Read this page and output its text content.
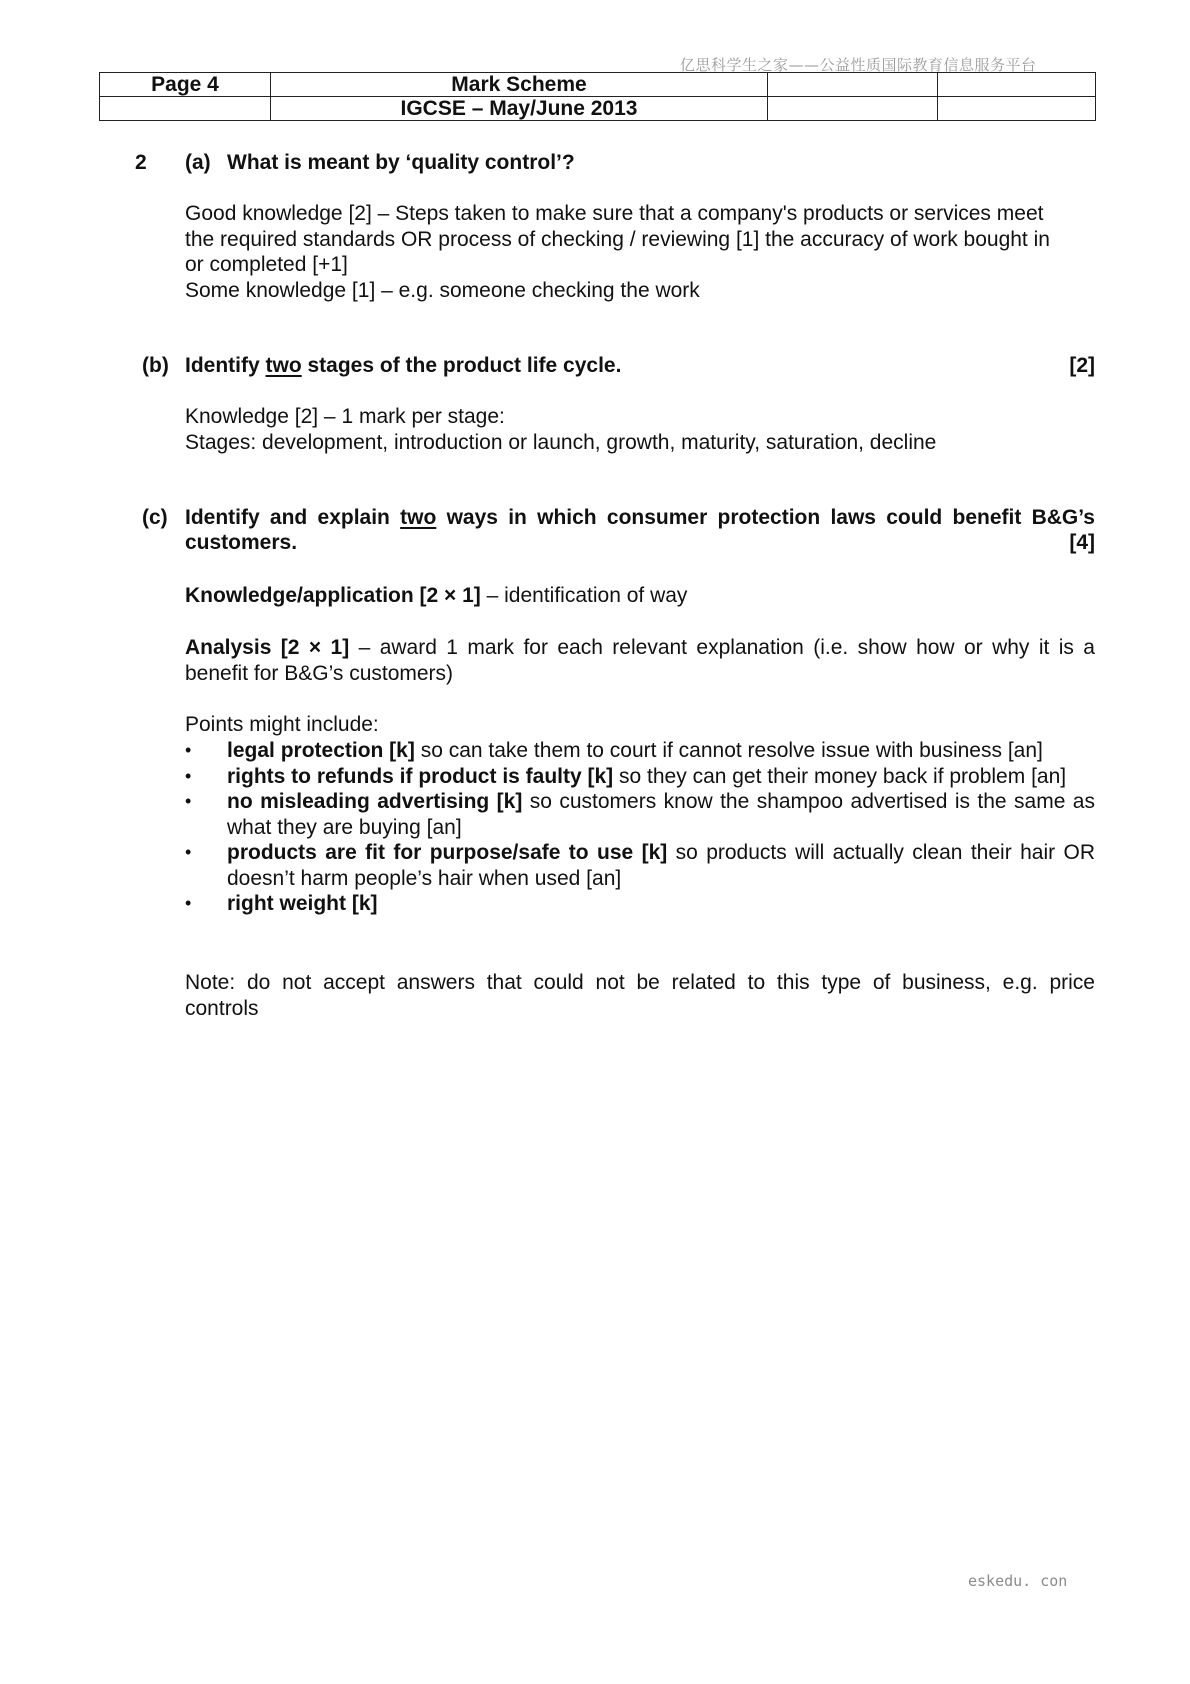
亿思科学生之家——公益性质国际教育信息服务平台
Page 4	Mark Scheme		
	IGCSE – May/June 2013		
2 (a) What is meant by ‘quality control’?
Good knowledge [2] – Steps taken to make sure that a company's products or services meet
the required standards OR process of checking / reviewing [1] the accuracy of work bought in
or completed [+1]
Some knowledge [1] – e.g. someone checking the work
(b) Identify two stages of the product life cycle.	[2]
Knowledge [2] – 1 mark per stage:
Stages: development, introduction or launch, growth, maturity, saturation, decline
(c) Identify and explain two ways in which consumer protection laws could benefit B&G’s
customers.	[4]
Knowledge/application [2 × 1] – identification of way
Analysis [2 × 1] – award 1 mark for each relevant explanation (i.e. show how or why it is a
benefit for B&G’s customers)
Points might include:
• legal protection [k] so can take them to court if cannot resolve issue with business [an]
• rights to refunds if product is faulty [k] so they can get their money back if problem [an]
• no misleading advertising [k] so customers know the shampoo advertised is the same as what they are buying [an]
• products are fit for purpose/safe to use [k] so products will actually clean their hair OR doesn’t harm people’s hair when used [an]
• right weight [k]
Note: do not accept answers that could not be related to this type of business, e.g. price
controls
eskedu. con
